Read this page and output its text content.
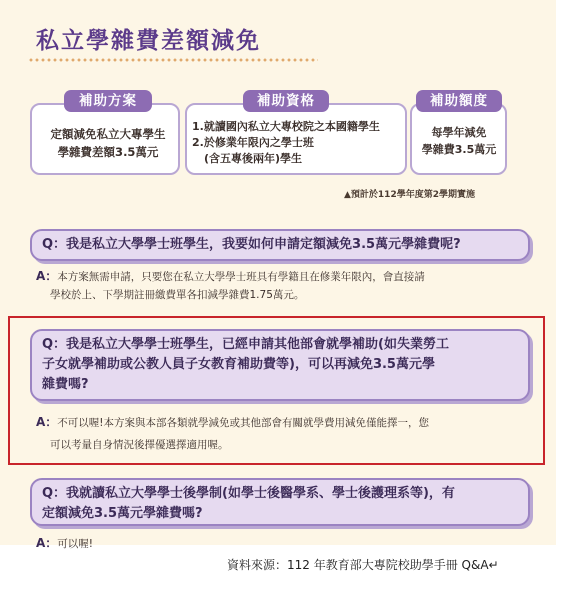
私立學雜費差額減免
補助方案	補助資格	補助額度
定額減免私立大專學生
學雜費差額3.5萬元
1.就讀國內私立大專校院之本國籍學生
2.於修業年限內之學士班
(含五專後兩年)學生
每學年減免
學雜費3.5萬元
▲預計於112學年度第2學期實施
Q：我是私立大學學士班學生，我要如何申請定額減免3.5萬元學雜費呢?
A：本方案無需申請，只要您在私立大學學士班具有學籍且在修業年限內，會直接請
學校於上、下學期註冊繳費單各扣減學雜費1.75萬元。
Q：我是私立大學學士班學生，已經申請其他部會就學補助(如失業勞工
子女就學補助或公教人員子女教育補助費等)，可以再減免3.5萬元學
雜費嗎?
A：不可以喔!本方案與本部各類就學減免或其他部會有關就學費用減免僅能擇一，您
可以考量自身情況後擇優選擇適用喔。
Q：我就讀私立大學學士後學制(如學士後醫學系、學士後護理系等)，有
定額減免3.5萬元學雜費嗎?
A：可以喔!
資料來源：112 年教育部大專院校助學手冊 Q&A↵
